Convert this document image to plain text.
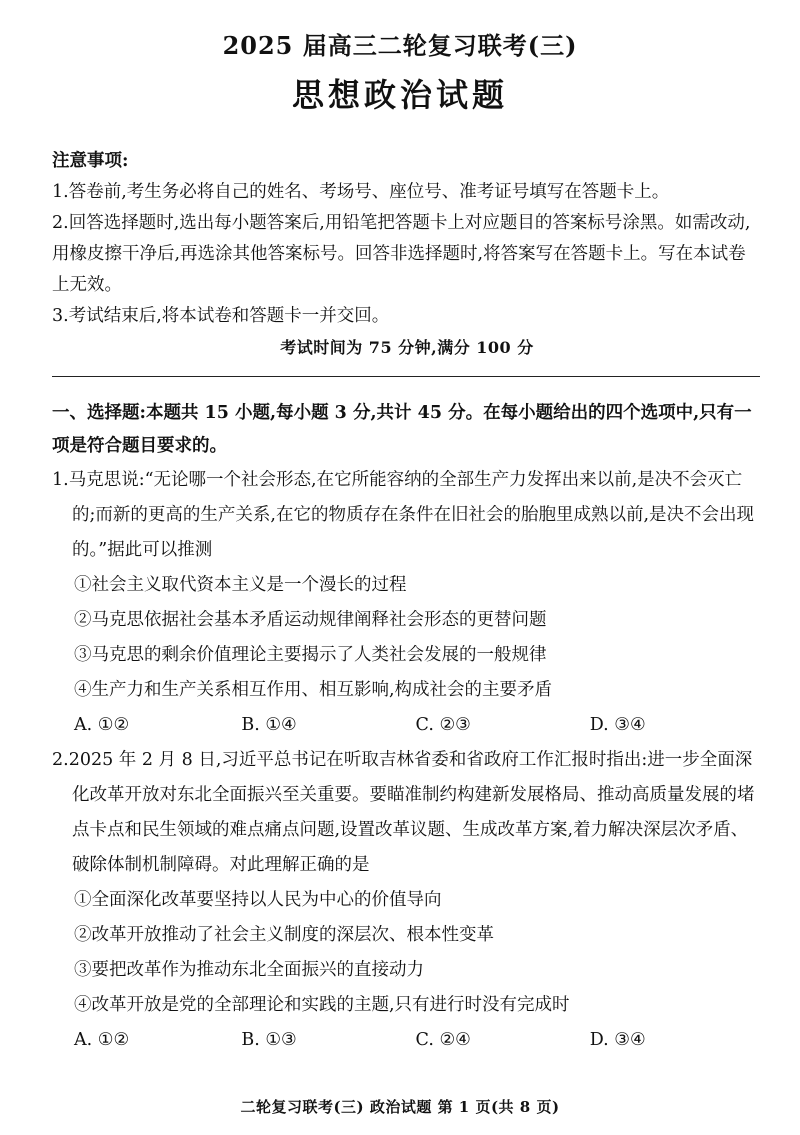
2025 届高三二轮复习联考(三)
思想政治试题

注意事项:

1.答卷前,考生务必将自己的姓名、考场号、座位号、准考证号填写在答题卡上。

2.回答选择题时,选出每小题答案后,用铅笔把答题卡上对应题目的答案标号涂黑。如需改动,用橡皮擦干净后,再选涂其他答案标号。回答非选择题时,将答案写在答题卡上。写在本试卷上无效。

3.考试结束后,将本试卷和答题卡一并交回。

考试时间为 75 分钟,满分 100 分

一、选择题:本题共 15 小题,每小题 3 分,共计 45 分。在每小题给出的四个选项中,只有一项是符合题目要求的。

1.马克思说:“无论哪一个社会形态,在它所能容纳的全部生产力发挥出来以前,是决不会灭亡的;而新的更高的生产关系,在它的物质存在条件在旧社会的胎胞里成熟以前,是决不会出现的。”据此可以推测

①社会主义取代资本主义是一个漫长的过程

②马克思依据社会基本矛盾运动规律阐释社会形态的更替问题

③马克思的剩余价值理论主要揭示了人类社会发展的一般规律

④生产力和生产关系相互作用、相互影响,构成社会的主要矛盾

A. ①②	B. ①④	C. ②③	D. ③④

2.2025 年 2 月 8 日,习近平总书记在听取吉林省委和省政府工作汇报时指出:进一步全面深化改革开放对东北全面振兴至关重要。要瞄准制约构建新发展格局、推动高质量发展的堵点卡点和民生领域的难点痛点问题,设置改革议题、生成改革方案,着力解决深层次矛盾、破除体制机制障碍。对此理解正确的是

①全面深化改革要坚持以人民为中心的价值导向

②改革开放推动了社会主义制度的深层次、根本性变革

③要把改革作为推动东北全面振兴的直接动力

④改革开放是党的全部理论和实践的主题,只有进行时没有完成时

A. ①②	B. ①③	C. ②④	D. ③④
二轮复习联考(三) 政治试题 第 1 页(共 8 页)
